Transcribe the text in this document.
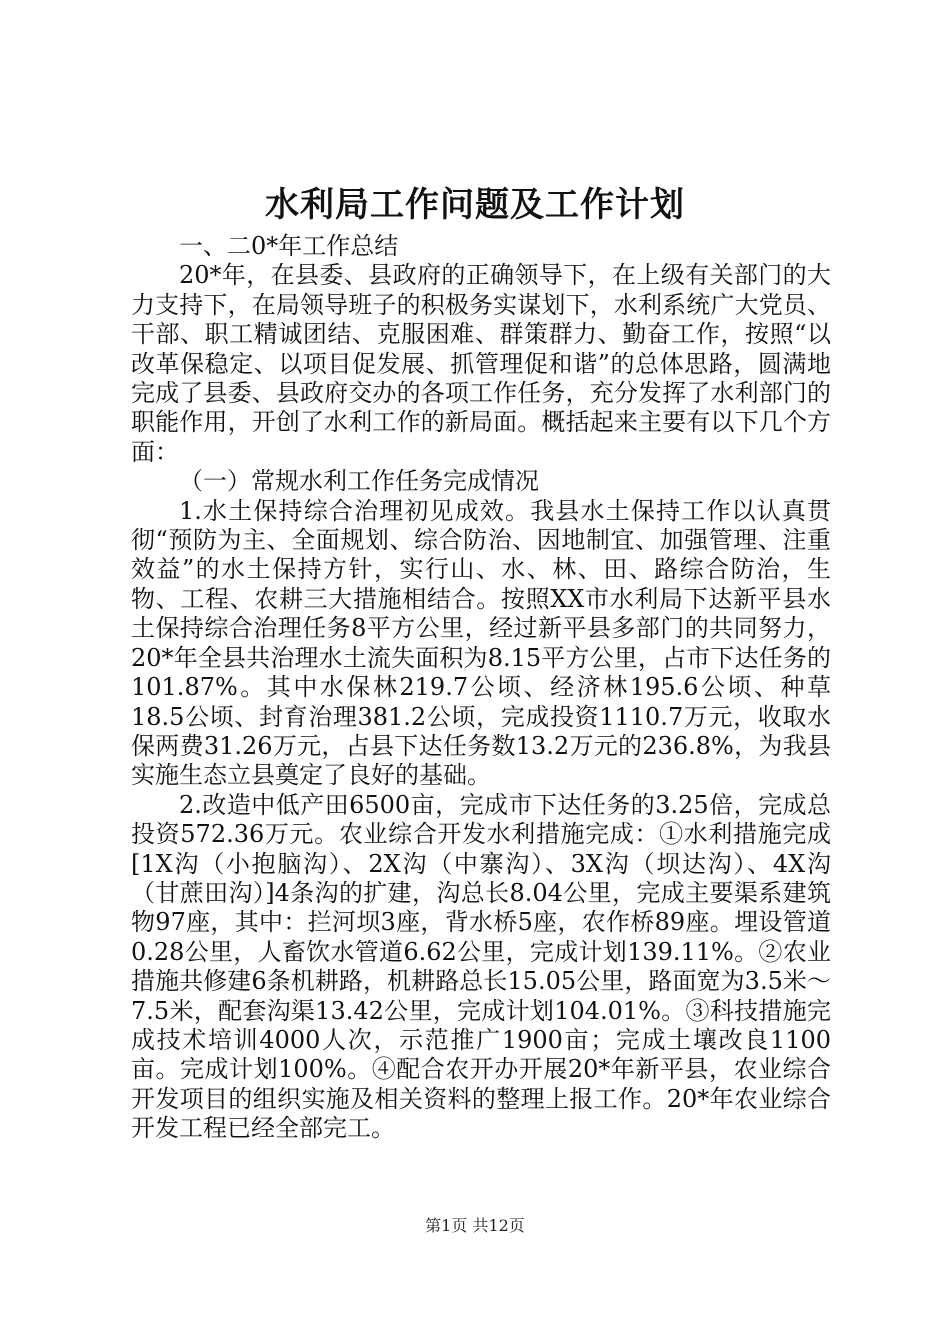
水利局工作问题及工作计划

一、二0*年工作总结

20*年，在县委、县政府的正确领导下，在上级有关部门的大力支持下，在局领导班子的积极务实谋划下，水利系统广大党员、干部、职工精诚团结、克服困难、群策群力、勤奋工作，按照“以改革保稳定、以项目促发展、抓管理促和谐”的总体思路，圆满地完成了县委、县政府交办的各项工作任务，充分发挥了水利部门的职能作用，开创了水利工作的新局面。概括起来主要有以下几个方面：

（一）常规水利工作任务完成情况

1.水土保持综合治理初见成效。我县水土保持工作以认真贯彻“预防为主、全面规划、综合防治、因地制宜、加强管理、注重效益”的水土保持方针，实行山、水、林、田、路综合防治，生物、工程、农耕三大措施相结合。按照XX市水利局下达新平县水土保持综合治理任务8平方公里，经过新平县多部门的共同努力，20*年全县共治理水土流失面积为8.15平方公里，占市下达任务的101.87%。其中水保林219.7公顷、经济林195.6公顷、种草18.5公顷、封育治理381.2公顷，完成投资1110.7万元，收取水保两费31.26万元，占县下达任务数13.2万元的236.8%，为我县实施生态立县奠定了良好的基础。

2.改造中低产田6500亩，完成市下达任务的3.25倍，完成总投资572.36万元。农业综合开发水利措施完成：①水利措施完成[1X沟（小抱脑沟）、2X沟（中寨沟）、3X沟（坝达沟）、4X沟（甘蔗田沟）]4条沟的扩建，沟总长8.04公里，完成主要渠系建筑物97座，其中：拦河坝3座，背水桥5座，农作桥89座。埋设管道0.28公里，人畜饮水管道6.62公里，完成计划139.11%。②农业措施共修建6条机耕路，机耕路总长15.05公里，路面宽为3.5米～7.5米，配套沟渠13.42公里，完成计划104.01%。③科技措施完成技术培训4000人次，示范推广1900亩；完成土壤改良1100亩。完成计划100%。④配合农开办开展20*年新平县，农业综合开发项目的组织实施及相关资料的整理上报工作。20*年农业综合开发工程已经全部完工。

第1页 共12页
